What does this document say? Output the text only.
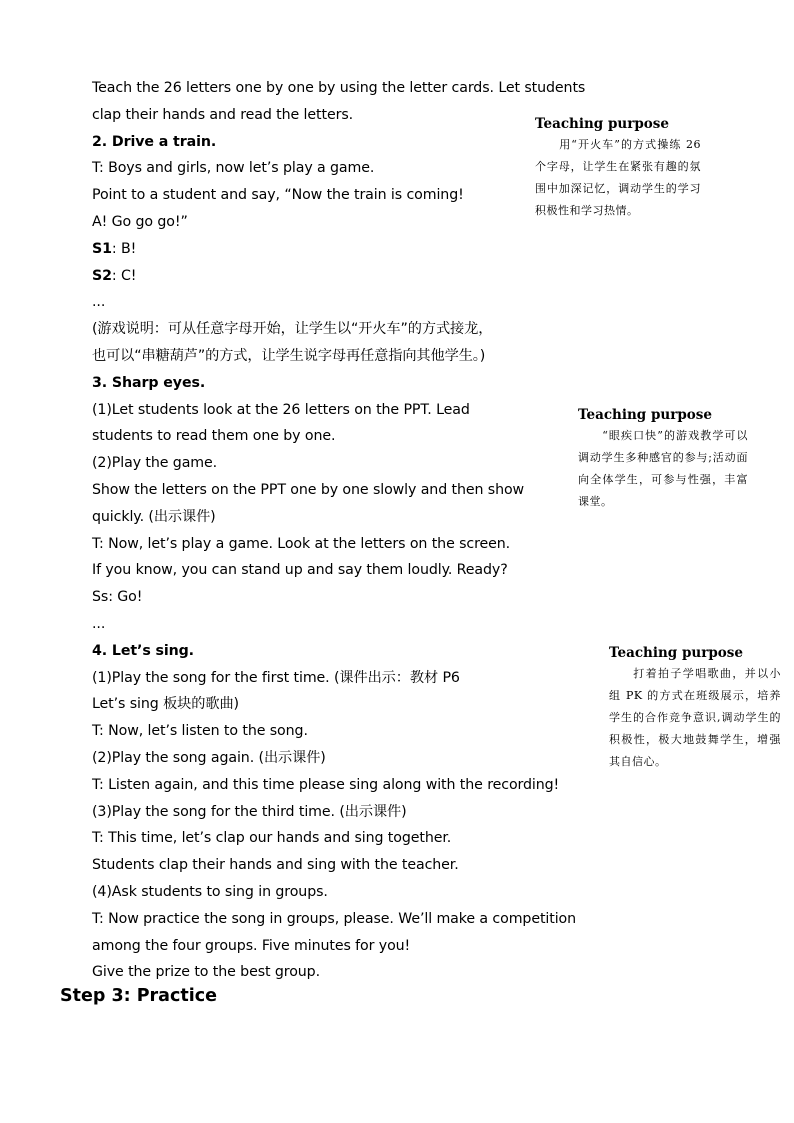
Teach the 26 letters one by one by using the letter cards. Let students
clap their hands and read the letters.
2. Drive a train.
T: Boys and girls, now let’s play a game.
Point to a student and say, “Now the train is coming!
A! Go go go!”
S1: B!
S2: C!
...
(游戏说明：可从任意字母开始，让学生以“开火车”的方式接龙，
也可以“串糖葫芦”的方式，让学生说字母再任意指向其他学生。)
3. Sharp eyes.
(1)Let students look at the 26 letters on the PPT. Lead
students to read them one by one.
(2)Play the game.
Show the letters on the PPT one by one slowly and then show
quickly. (出示课件)
T: Now, let’s play a game. Look at the letters on the screen.
If you know, you can stand up and say them loudly. Ready?
Ss: Go!
...
4. Let’s sing.
(1)Play the song for the first time. (课件出示：教材 P6
Let’s sing 板块的歌曲)
T: Now, let’s listen to the song.
(2)Play the song again. (出示课件)
T: Listen again, and this time please sing along with the recording!
(3)Play the song for the third time. (出示课件)
T: This time, let’s clap our hands and sing together.
Students clap their hands and sing with the teacher.
(4)Ask students to sing in groups.
T: Now practice the song in groups, please. We’ll make a competition
among the four groups. Five minutes for you!
Give the prize to the best group.
Step 3: Practice
Teaching purpose
用“开火车”的方式操练 26 个字母，让学生在紧张有趣的氛围中加深记忆，调动学生的学习积极性和学习热情。
Teaching purpose
“眼疾口快”的游戏教学可以调动学生多种感官的参与;活动面向全体学生，可参与性强，丰富课堂。
Teaching purpose
打着拍子学唱歌曲，并以小组 PK 的方式在班级展示，培养学生的合作竞争意识,调动学生的积极性，极大地鼓舞学生，增强其自信心。
